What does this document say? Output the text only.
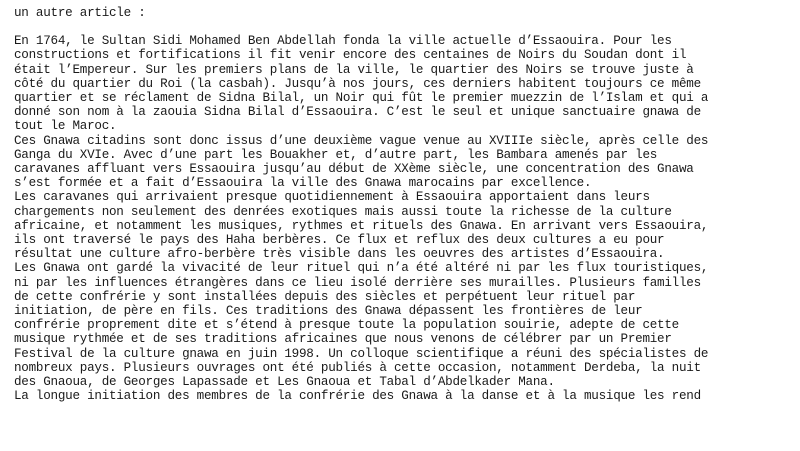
un autre article :
En 1764, le Sultan Sidi Mohamed Ben Abdellah fonda la ville actuelle d’Essaouira. Pour les
constructions et fortifications il fit venir encore des centaines de Noirs du Soudan dont il
était l’Empereur. Sur les premiers plans de la ville, le quartier des Noirs se trouve juste à
côté du quartier du Roi (la casbah). Jusqu’à nos jours, ces derniers habitent toujours ce même
quartier et se réclament de Sidna Bilal, un Noir qui fût le premier muezzin de l’Islam et qui a
donné son nom à la zaouia Sidna Bilal d’Essaouira. C’est le seul et unique sanctuaire gnawa de
tout le Maroc.
Ces Gnawa citadins sont donc issus d’une deuxième vague venue au XVIIIe siècle, après celle des
Ganga du XVIe. Avec d’une part les Bouakher et, d’autre part, les Bambara amenés par les
caravanes affluant vers Essaouira jusqu’au début de XXème siècle, une concentration des Gnawa
s’est formée et a fait d’Essaouira la ville des Gnawa marocains par excellence.
Les caravanes qui arrivaient presque quotidiennement à Essaouira apportaient dans leurs
chargements non seulement des denrées exotiques mais aussi toute la richesse de la culture
africaine, et notamment les musiques, rythmes et rituels des Gnawa. En arrivant vers Essaouira,
ils ont traversé le pays des Haha berbères. Ce flux et reflux des deux cultures a eu pour
résultat une culture afro-berbère très visible dans les oeuvres des artistes d’Essaouira.
Les Gnawa ont gardé la vivacité de leur rituel qui n’a été altéré ni par les flux touristiques,
ni par les influences étrangères dans ce lieu isolé derrière ses murailles. Plusieurs familles
de cette confrérie y sont installées depuis des siècles et perpétuent leur rituel par
initiation, de père en fils. Ces traditions des Gnawa dépassent les frontières de leur
confrérie proprement dite et s’étend à presque toute la population souirie, adepte de cette
musique rythmée et de ses traditions africaines que nous venons de célébrer par un Premier
Festival de la culture gnawa en juin 1998. Un colloque scientifique a réuni des spécialistes de
nombreux pays. Plusieurs ouvrages ont été publiés à cette occasion, notamment Derdeba, la nuit
des Gnaoua, de Georges Lapassade et Les Gnaoua et Tabal d’Abdelkader Mana.
La longue initiation des membres de la confrérie des Gnawa à la danse et à la musique les rend
